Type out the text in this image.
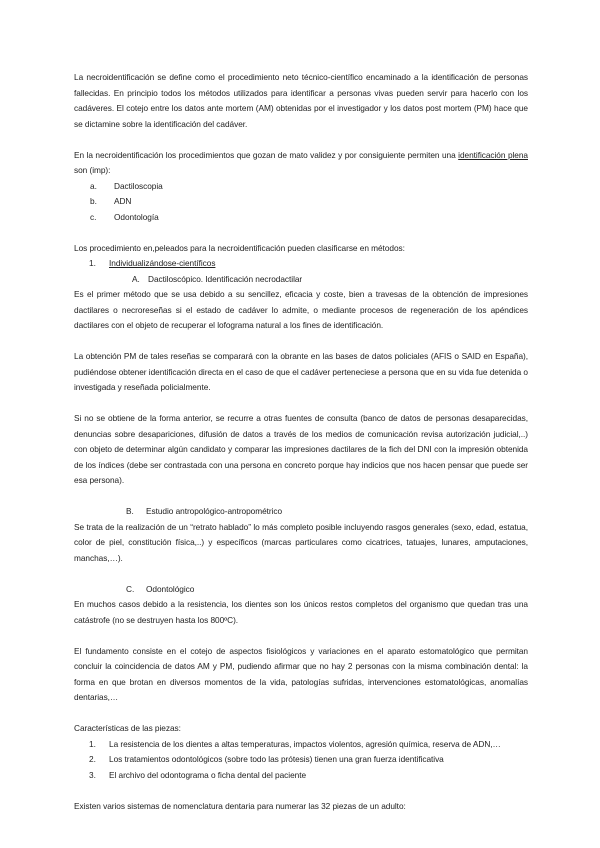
La necroidentificación se define como el procedimiento neto técnico-científico encaminado a la identificación de personas fallecidas. En principio todos los métodos utilizados para identificar a personas vivas pueden servir para hacerlo con los cadáveres. El cotejo entre los datos ante mortem (AM) obtenidas por el investigador y los datos post mortem (PM) hace que se dictamine sobre la identificación del cadáver.

En la necroidentificación los procedimientos que gozan de mato validez y por consiguiente permiten una identificación plena son (imp):

a.	Dactiloscopia
b.	ADN
c.	Odontología

Los procedimiento en,peleados para la necroidentificación pueden clasificarse en métodos:

1.	Individualizándose-científicos
A. Dactiloscópico. Identificación necrodactilar

Es el primer método que se usa debido a su sencillez, eficacia y coste, bien a travesas de la obtención de impresiones dactilares o necroreseñas si el estado de cadáver lo admite, o mediante procesos de regeneración de los apéndices dactilares con el objeto de recuperar el lofograma natural a los fines de identificación.

La obtención PM de tales reseñas se comparará con la obrante en las bases de datos policiales (AFIS o SAID en España), pudiéndose obtener identificación directa en el caso de que el cadáver perteneciese a persona que en su vida fue detenida o investigada y reseñada policialmente.

Si no se obtiene de la forma anterior, se recurre a otras fuentes de consulta (banco de datos de personas desaparecidas, denuncias sobre desapariciones, difusión de datos a través de los medios de comunicación revisa autorización judicial,..) con objeto de determinar algún candidato y comparar las impresiones dactilares de la fich del DNI con la impresión obtenida de los índices (debe ser contrastada con una persona en concreto porque hay indicios que nos hacen pensar que puede ser esa persona).

B.	Estudio antropológico-antropométrico

Se trata de la realización de un “retrato hablado” lo más completo posible incluyendo rasgos generales (sexo, edad, estatua, color de piel, constitución física,..) y específicos (marcas particulares como cicatrices, tatuajes, lunares, amputaciones, manchas,…).

C.	Odontológico

En muchos casos debido a la resistencia, los dientes son los únicos restos completos del organismo que quedan tras una catástrofe (no se destruyen hasta los 800ºC).

El fundamento consiste en el cotejo de aspectos fisiológicos y variaciones en el aparato estomatológico que permitan concluir la coincidencia de datos AM y PM, pudiendo afirmar que no hay 2 personas con la misma combinación dental: la forma en que brotan en diversos momentos de la vida, patologías sufridas, intervenciones estomatológicas, anomalías dentarias,…

Características de las piezas:

1.	La resistencia de los dientes a altas temperaturas, impactos violentos, agresión química, reserva de ADN,…
2.	Los tratamientos odontológicos (sobre todo las prótesis) tienen una gran fuerza identificativa
3.	El archivo del odontograma o ficha dental del paciente

Existen varios sistemas de nomenclatura dentaria para numerar las 32 piezas de un adulto:
